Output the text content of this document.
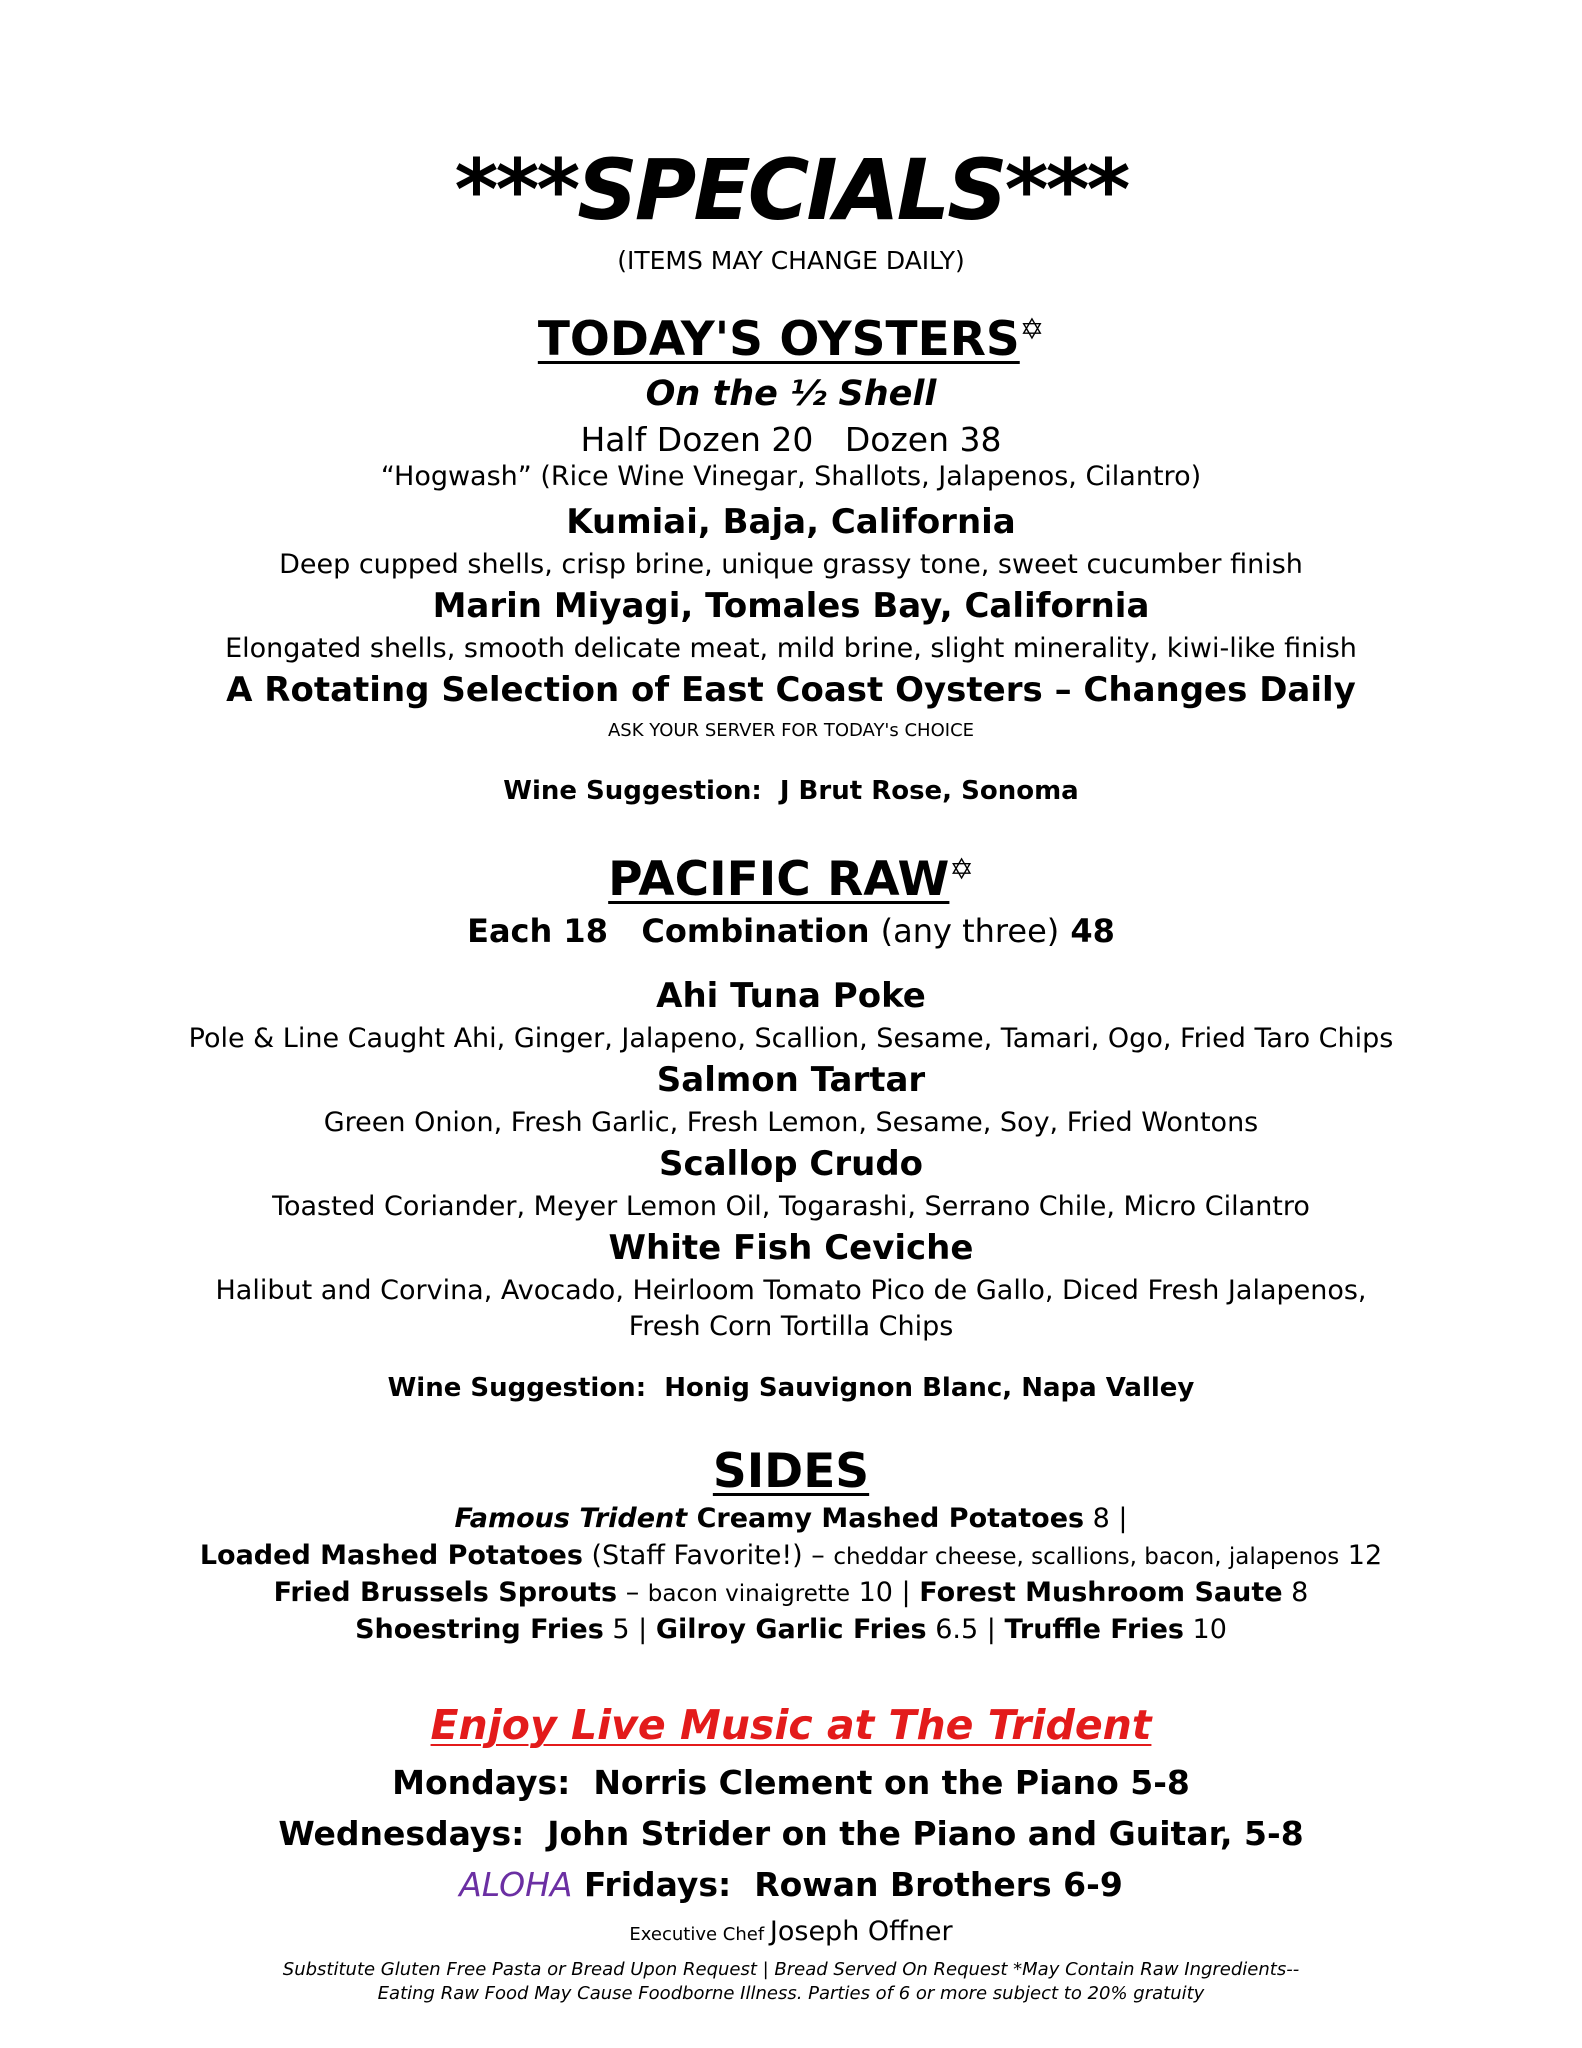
***SPECIALS***
(ITEMS MAY CHANGE DAILY)
TODAY'S OYSTERS✡
On the ½ Shell
Half Dozen 20   Dozen 38
“Hogwash” (Rice Wine Vinegar, Shallots, Jalapenos, Cilantro)
Kumiai, Baja, California
Deep cupped shells, crisp brine, unique grassy tone, sweet cucumber finish
Marin Miyagi, Tomales Bay, California
Elongated shells, smooth delicate meat, mild brine, slight minerality, kiwi-like finish
A Rotating Selection of East Coast Oysters – Changes Daily
ASK YOUR SERVER FOR TODAY's CHOICE
Wine Suggestion:  J Brut Rose, Sonoma
PACIFIC RAW✡
Each 18   Combination (any three) 48
Ahi Tuna Poke
Pole & Line Caught Ahi, Ginger, Jalapeno, Scallion, Sesame, Tamari, Ogo, Fried Taro Chips
Salmon Tartar
Green Onion, Fresh Garlic, Fresh Lemon, Sesame, Soy, Fried Wontons
Scallop Crudo
Toasted Coriander, Meyer Lemon Oil, Togarashi, Serrano Chile, Micro Cilantro
White Fish Ceviche
Halibut and Corvina, Avocado, Heirloom Tomato Pico de Gallo, Diced Fresh Jalapenos,
Fresh Corn Tortilla Chips
Wine Suggestion:  Honig Sauvignon Blanc, Napa Valley
SIDES
Famous Trident Creamy Mashed Potatoes 8 |
Loaded Mashed Potatoes (Staff Favorite!) – cheddar cheese, scallions, bacon, jalapenos 12
Fried Brussels Sprouts – bacon vinaigrette 10 | Forest Mushroom Saute 8
Shoestring Fries 5 | Gilroy Garlic Fries 6.5 | Truffle Fries 10
Enjoy Live Music at The Trident
Mondays:  Norris Clement on the Piano 5-8
Wednesdays:  John Strider on the Piano and Guitar, 5-8
ALOHA Fridays:  Rowan Brothers 6-9
Executive Chef Joseph Offner
Substitute Gluten Free Pasta or Bread Upon Request | Bread Served On Request *May Contain Raw Ingredients--
Eating Raw Food May Cause Foodborne Illness. Parties of 6 or more subject to 20% gratuity
